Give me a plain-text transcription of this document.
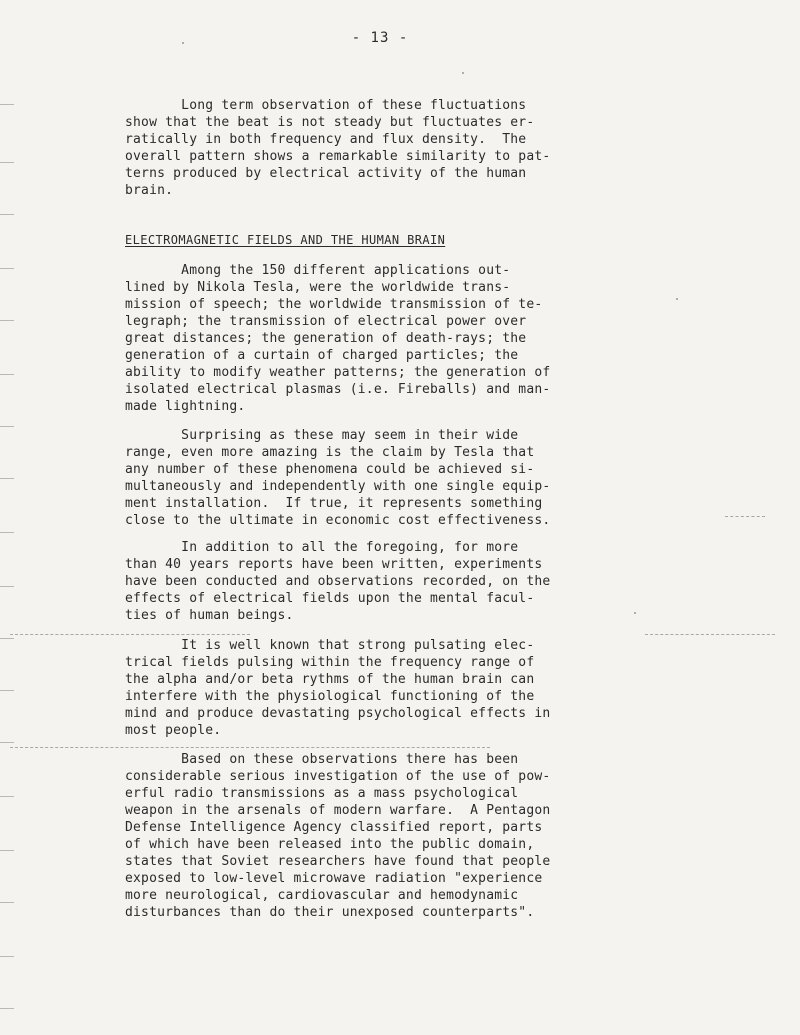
- 13 -
Long term observation of these fluctuations
show that the beat is not steady but fluctuates er-
ratically in both frequency and flux density.  The
overall pattern shows a remarkable similarity to pat-
terns produced by electrical activity of the human
brain.
ELECTROMAGNETIC FIELDS AND THE HUMAN BRAIN
Among the 150 different applications out-
lined by Nikola Tesla, were the worldwide trans-
mission of speech; the worldwide transmission of te-
legraph; the transmission of electrical power over
great distances; the generation of death-rays; the
generation of a curtain of charged particles; the
ability to modify weather patterns; the generation of
isolated electrical plasmas (i.e. Fireballs) and man-
made lightning.
Surprising as these may seem in their wide
range, even more amazing is the claim by Tesla that
any number of these phenomena could be achieved si-
multaneously and independently with one single equip-
ment installation.  If true, it represents something
close to the ultimate in economic cost effectiveness.
In addition to all the foregoing, for more
than 40 years reports have been written, experiments
have been conducted and observations recorded, on the
effects of electrical fields upon the mental facul-
ties of human beings.
It is well known that strong pulsating elec-
trical fields pulsing within the frequency range of
the alpha and/or beta rythms of the human brain can
interfere with the physiological functioning of the
mind and produce devastating psychological effects in
most people.
Based on these observations there has been
considerable serious investigation of the use of pow-
erful radio transmissions as a mass psychological
weapon in the arsenals of modern warfare.  A Pentagon
Defense Intelligence Agency classified report, parts
of which have been released into the public domain,
states that Soviet researchers have found that people
exposed to low-level microwave radiation "experience
more neurological, cardiovascular and hemodynamic
disturbances than do their unexposed counterparts".
